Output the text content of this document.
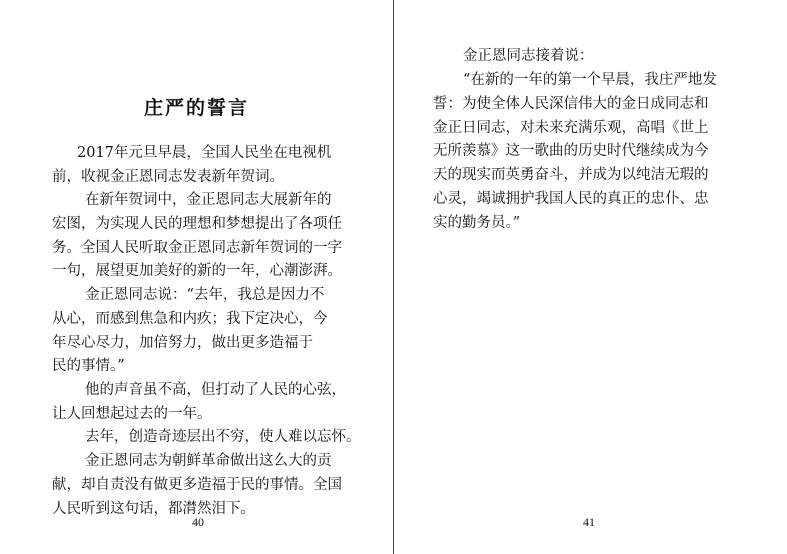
庄严的誓言
2017年元旦早晨，全国人民坐在电视机
前，收视金正恩同志发表新年贺词。
在新年贺词中，金正恩同志大展新年的
宏图，为实现人民的理想和梦想提出了各项任
务。全国人民听取金正恩同志新年贺词的一字
一句，展望更加美好的新的一年，心潮澎湃。
金正恩同志说：“去年，我总是因力不
从心，而感到焦急和内疚；我下定决心，今
年尽心尽力，加倍努力，做出更多造福于
民的事情。”
他的声音虽不高，但打动了人民的心弦，
让人回想起过去的一年。
去年，创造奇迹层出不穷，使人难以忘怀。
金正恩同志为朝鲜革命做出这么大的贡
献，却自责没有做更多造福于民的事情。全国
人民听到这句话，都潸然泪下。
40
金正恩同志接着说：
“在新的一年的第一个早晨，我庄严地发
誓：为使全体人民深信伟大的金日成同志和
金正日同志，对未来充满乐观，高唱《世上
无所羡慕》这一歌曲的历史时代继续成为今
天的现实而英勇奋斗，并成为以纯洁无瑕的
心灵，竭诚拥护我国人民的真正的忠仆、忠
实的勤务员。”
41
